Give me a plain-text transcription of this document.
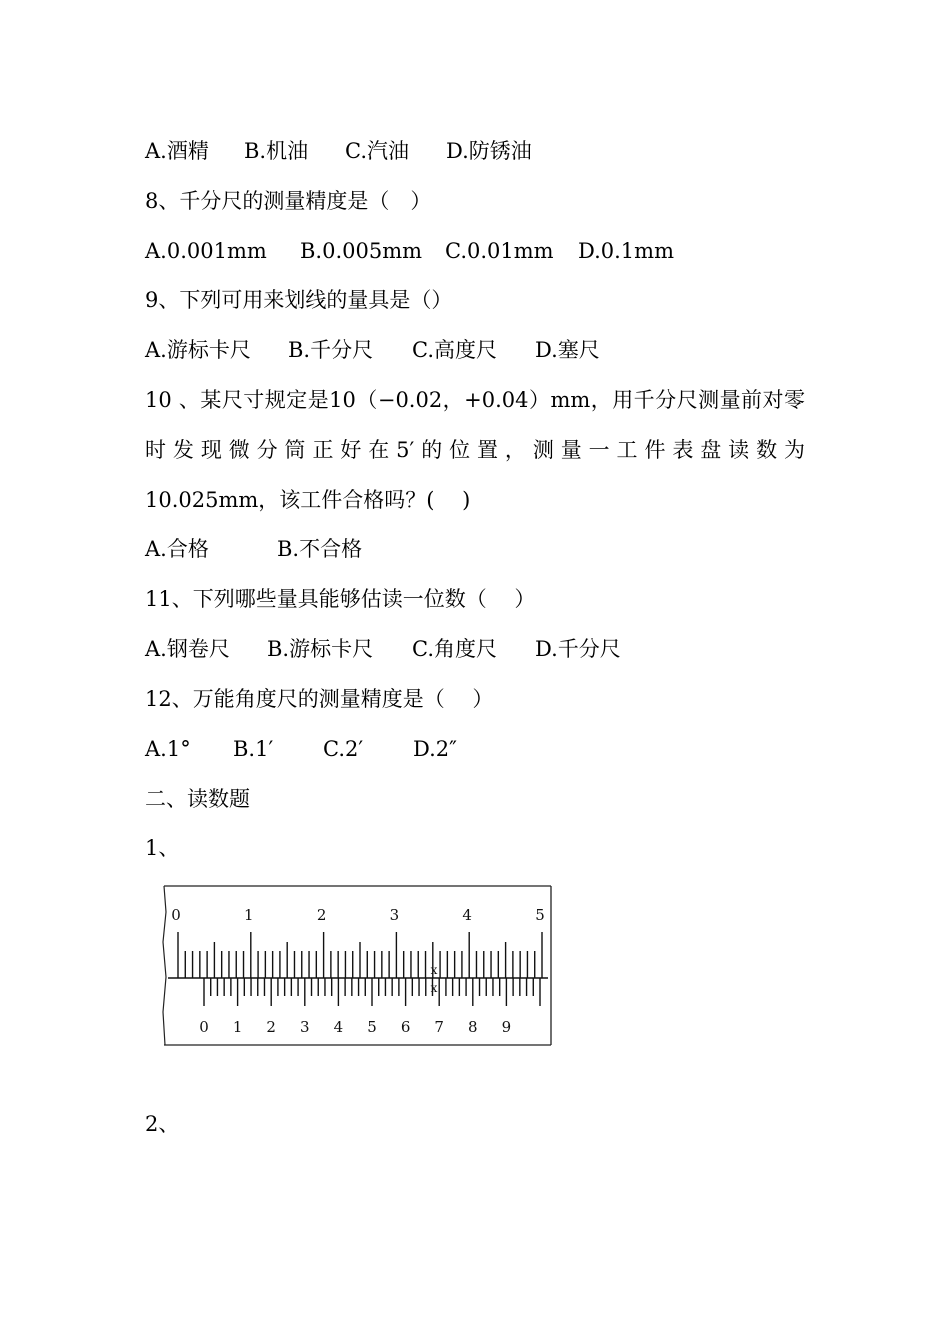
A.酒精 B.机油 C.汽油 D.防锈油
8、千分尺的测量精度是（　）
A.0.001mm B.0.005mm C.0.01mm D.0.1mm
9、下列可用来划线的量具是（）
A.游标卡尺 B.千分尺 C.高度尺 D.塞尺
10 、某尺寸规定是10（−0.02，+0.04）mm，用千分尺测量前对零
时发现微分筒正好在5′的位置，测量一工件表盘读数为
10.025mm，该工件合格吗？(　 )
A.合格	B.不合格
11、下列哪些量具能够估读一位数（　 ）
A.钢卷尺 B.游标卡尺 C.角度尺 D.千分尺
12、万能角度尺的测量精度是（　 ）
A.1° B.1′ C.2′ D.2″
二、读数题
1、
0	1	2	3	4	5
0 1 2 3 4 5 6 7 8 9
x
x
2、
